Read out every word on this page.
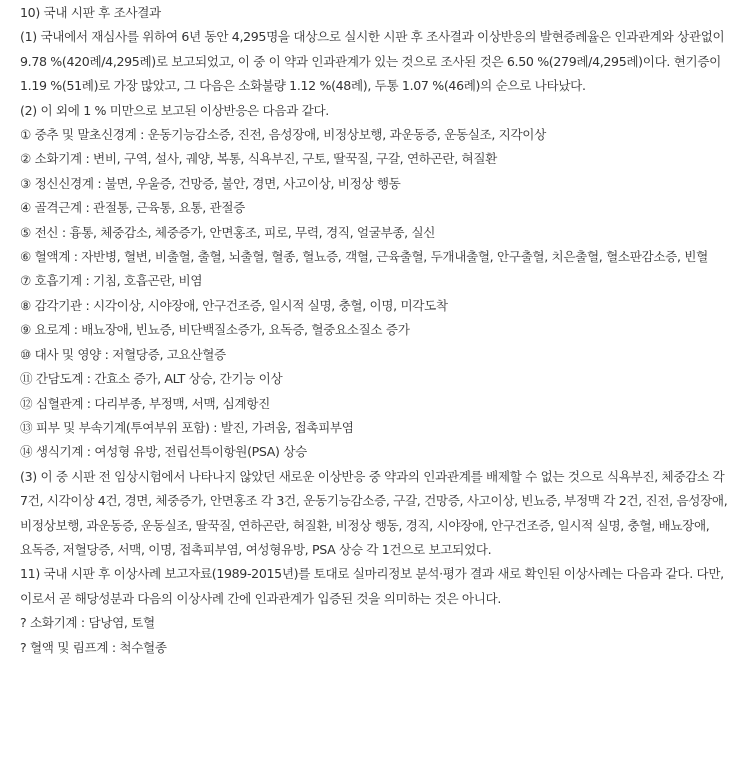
10) 국내 시판 후 조사결과
(1) 국내에서 재심사를 위하여 6년 동안 4,295명을 대상으로 실시한 시판 후 조사결과 이상반응의 발현증례율은 인과관계와 상관없이 9.78 %(420례/4,295례)로 보고되었고, 이 중 이 약과 인과관계가 있는 것으로 조사된 것은 6.50 %(279례/4,295례)이다. 현기증이 1.19 %(51례)로 가장 많았고, 그 다음은 소화불량 1.12 %(48례), 두통 1.07 %(46례)의 순으로 나타났다.
(2) 이 외에 1 % 미만으로 보고된 이상반응은 다음과 같다.
① 중추 및 말초신경계 : 운동기능감소증, 진전, 음성장애, 비정상보행, 과운동증, 운동실조, 지각이상
② 소화기계 : 변비, 구역, 설사, 궤양, 복통, 식욕부진, 구토, 딸꾹질, 구갈, 연하곤란, 혀질환
③ 정신신경계 : 불면, 우울증, 건망증, 불안, 경면, 사고이상, 비정상 행동
④ 골격근계 : 관절통, 근육통, 요통, 관절증
⑤ 전신 : 흉통, 체중감소, 체중증가, 안면홍조, 피로, 무력, 경직, 얼굴부종, 실신
⑥ 혈액계 : 자반병, 혈변, 비출혈, 출혈, 뇌출혈, 혈종, 혈뇨증, 객혈, 근육출혈, 두개내출혈, 안구출혈, 치은출혈, 혈소판감소증, 빈혈
⑦ 호흡기계 : 기침, 호흡곤란, 비염
⑧ 감각기관 : 시각이상, 시야장애, 안구건조증, 일시적 실명, 충혈, 이명, 미각도착
⑨ 요로계 : 배뇨장애, 빈뇨증, 비단백질소증가, 요독증, 혈중요소질소 증가
⑩ 대사 및 영양 : 저혈당증, 고요산혈증
⑪ 간담도계 : 간효소 증가, ALT 상승, 간기능 이상
⑫ 심혈관계 : 다리부종, 부정맥, 서맥, 심계항진
⑬ 피부 및 부속기계(투여부위 포함) : 발진, 가려움, 접촉피부염
⑭ 생식기계 : 여성형 유방, 전립선특이항원(PSA) 상승
(3) 이 중 시판 전 임상시험에서 나타나지 않았던 새로운 이상반응 중 약과의 인과관계를 배제할 수 없는 것으로 식욕부진, 체중감소 각 7건, 시각이상 4건, 경면, 체중증가, 안면홍조 각 3건, 운동기능감소증, 구갈, 건망증, 사고이상, 빈뇨증, 부정맥 각 2건, 진전, 음성장애, 비정상보행, 과운동증, 운동실조, 딸꾹질, 연하곤란, 혀질환, 비정상 행동, 경직, 시야장애, 안구건조증, 일시적 실명, 충혈, 배뇨장애, 요독증, 저혈당증, 서맥, 이명, 접촉피부염, 여성형유방, PSA 상승 각 1건으로 보고되었다.
11) 국내 시판 후 이상사례 보고자료(1989-2015년)를 토대로 실마리정보 분석·평가 결과 새로 확인된 이상사례는 다음과 같다. 다만, 이로서 곧 해당성분과 다음의 이상사례 간에 인과관계가 입증된 것을 의미하는 것은 아니다.
? 소화기계 : 담낭염, 토혈
? 혈액 및 림프계 : 척수혈종
